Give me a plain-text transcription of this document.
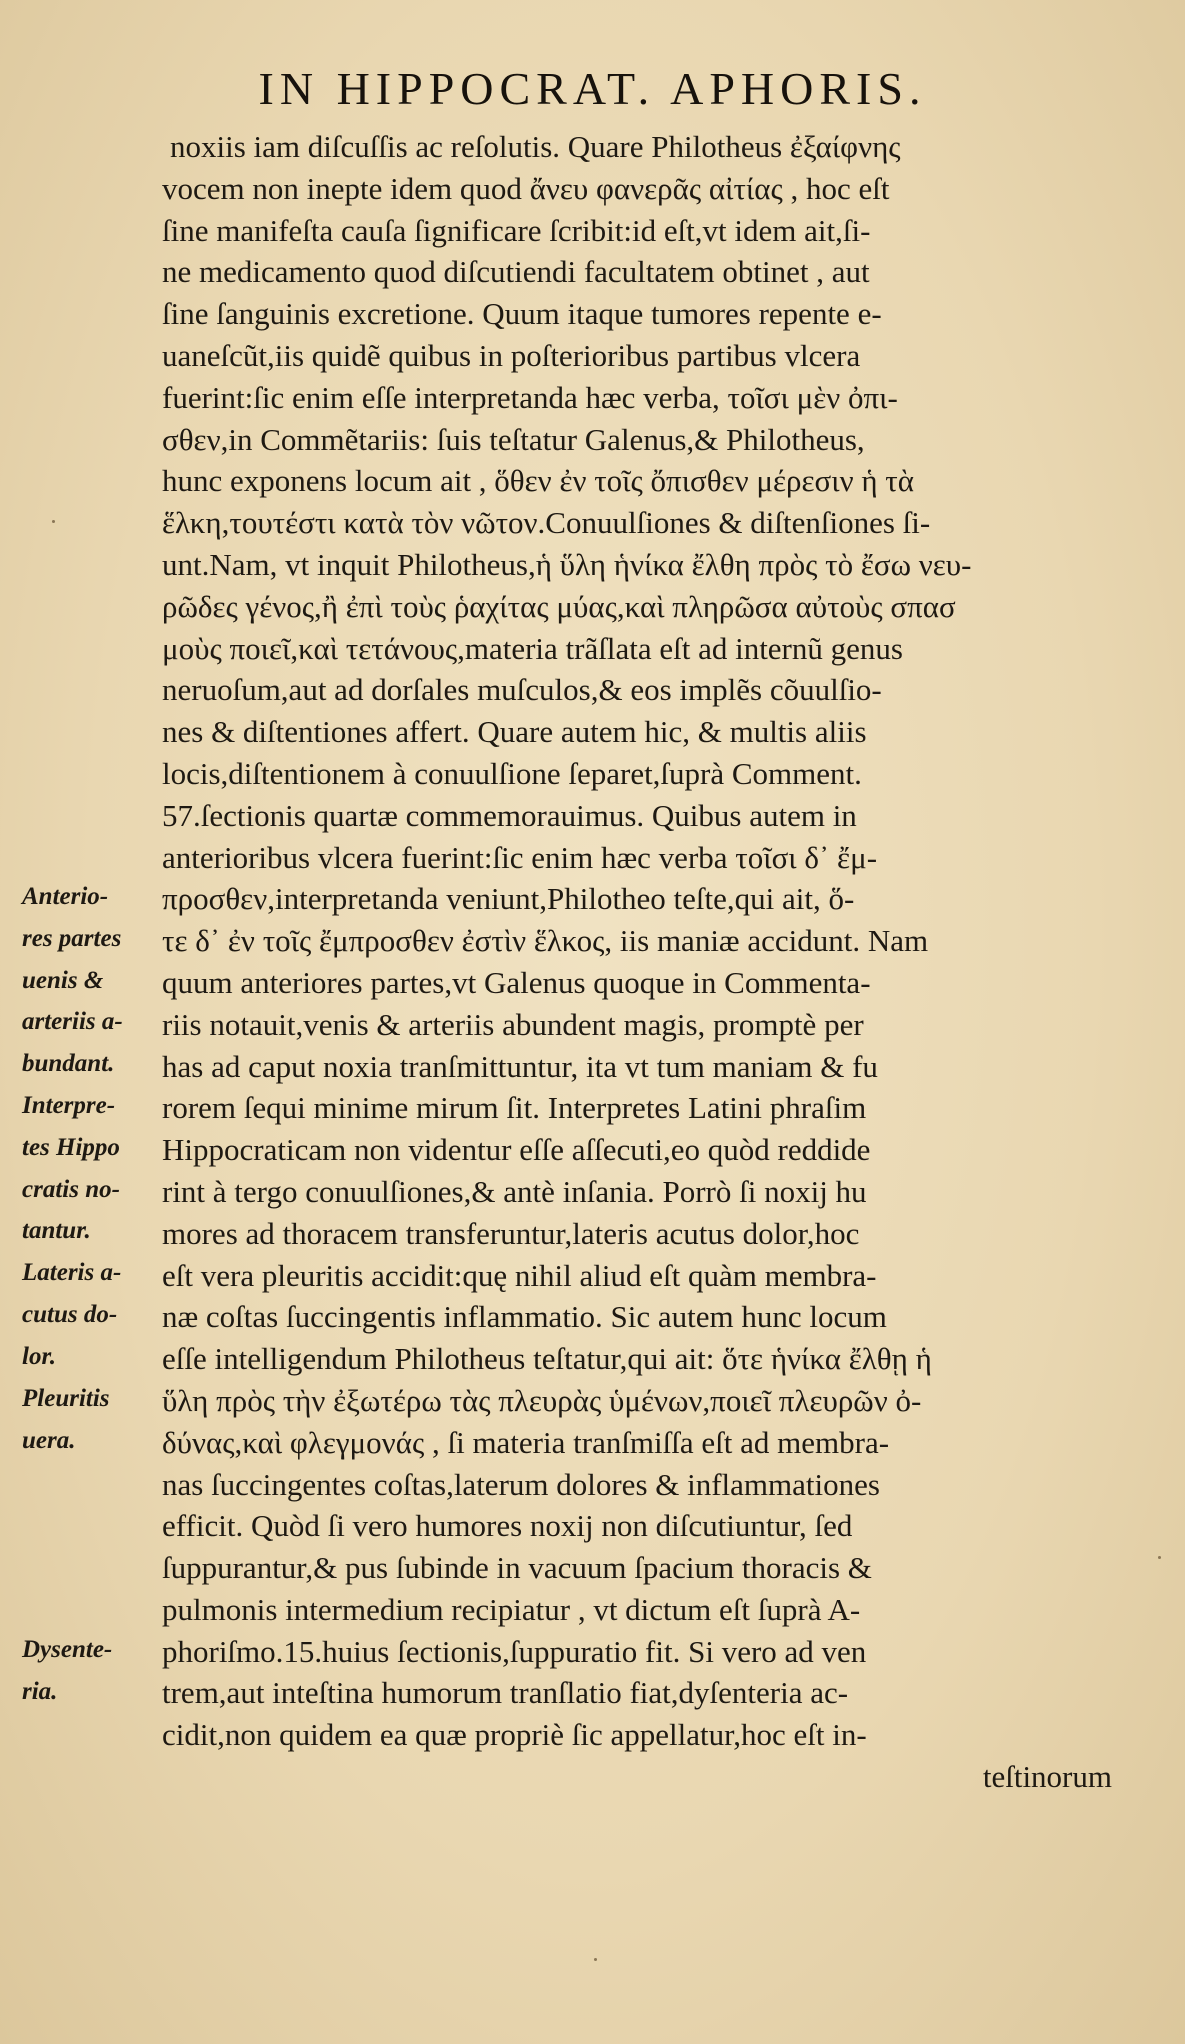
IN HIPPOCRAT. APHORIS.
noxiis iam diſcuſſis ac reſolutis. Quare Philotheus ἐξαίφνης
vocem non inepte idem quod ἄνευ φανερᾶς αἰτίας , hoc eſt
ſine manifeſta cauſa ſignificare ſcribit:id eſt,vt idem ait,ſi-
ne medicamento quod diſcutiendi facultatem obtinet , aut
ſine ſanguinis excretione. Quum itaque tumores repente e-
uaneſcũt,iis quidẽ quibus in poſterioribus partibus vlcera
fuerint:ſic enim eſſe interpretanda hæc verba, τοῖσι μὲν ὀπι-
σθεν,in Commẽtariis: ſuis teſtatur Galenus,& Philotheus,
hunc exponens locum ait , ὅθεν ἐν τοῖς ὄπισθεν μέρεσιν ἡ τὰ
ἕλκη,τουτέστι κατὰ τὸν νῶτον.Conuulſiones & diſtenſiones ſi-
unt.Nam, vt inquit Philotheus,ἡ ὕλη ἡνίκα ἔλθη πρὸς τὸ ἔσω νευ-
ρῶδες γένος,ἢ ἐπὶ τοὺς ῥαχίτας μύας,καὶ πληρῶσα αὐτοὺς σπασ
μοὺς ποιεῖ,καὶ τετάνους,materia trãſlata eſt ad internũ genus
neruoſum,aut ad dorſales muſculos,& eos implẽs cõuulſio-
nes & diſtentiones affert. Quare autem hic, & multis aliis
locis,diſtentionem à conuulſione ſeparet,ſuprà Comment.
57.ſectionis quartæ commemorauimus. Quibus autem in
anterioribus vlcera fuerint:ſic enim hæc verba τοῖσι δ᾽ ἔμ-
προσθεν,interpretanda veniunt,Philotheo teſte,qui ait, ὅ-
τε δ᾽ ἐν τοῖς ἔμπροσθεν ἐστὶν ἕλκος, iis maniæ accidunt. Nam
quum anteriores partes,vt Galenus quoque in Commenta-
riis notauit,venis & arteriis abundent magis, promptè per
has ad caput noxia tranſmittuntur, ita vt tum maniam & fu
rorem ſequi minime mirum ſit. Interpretes Latini phraſim
Hippocraticam non videntur eſſe aſſecuti,eo quòd reddide
rint à tergo conuulſiones,& antè inſania. Porrò ſi noxij hu
mores ad thoracem transferuntur,lateris acutus dolor,hoc
eſt vera pleuritis accidit:quę nihil aliud eſt quàm membra-
næ coſtas ſuccingentis inflammatio. Sic autem hunc locum
eſſe intelligendum Philotheus teſtatur,qui ait: ὅτε ἡνίκα ἔλθῃ ἡ
ὕλη πρὸς τὴν ἐξωτέρω τὰς πλευρὰς ὑμένων,ποιεῖ πλευρῶν ὀ-
δύνας,καὶ φλεγμονάς , ſi materia tranſmiſſa eſt ad membra-
nas ſuccingentes coſtas,laterum dolores & inflammationes
efficit. Quòd ſi vero humores noxij non diſcutiuntur, ſed
ſuppurantur,& pus ſubinde in vacuum ſpacium thoracis &
pulmonis intermedium recipiatur , vt dictum eſt ſuprà A-
phoriſmo.15.huius ſectionis,ſuppuratio fit. Si vero ad ven
trem,aut inteſtina humorum tranſlatio fiat,dyſenteria ac-
cidit,non quidem ea quæ propriè ſic appellatur,hoc eſt in-
teſtinorum
Anterio-
res partes
uenis &
arteriis a-
bundant.
Interpre-
tes Hippo
cratis no-
tantur.
Lateris a-
cutus do-
lor.
Pleuritis
uera.
Dysente-
ria.
